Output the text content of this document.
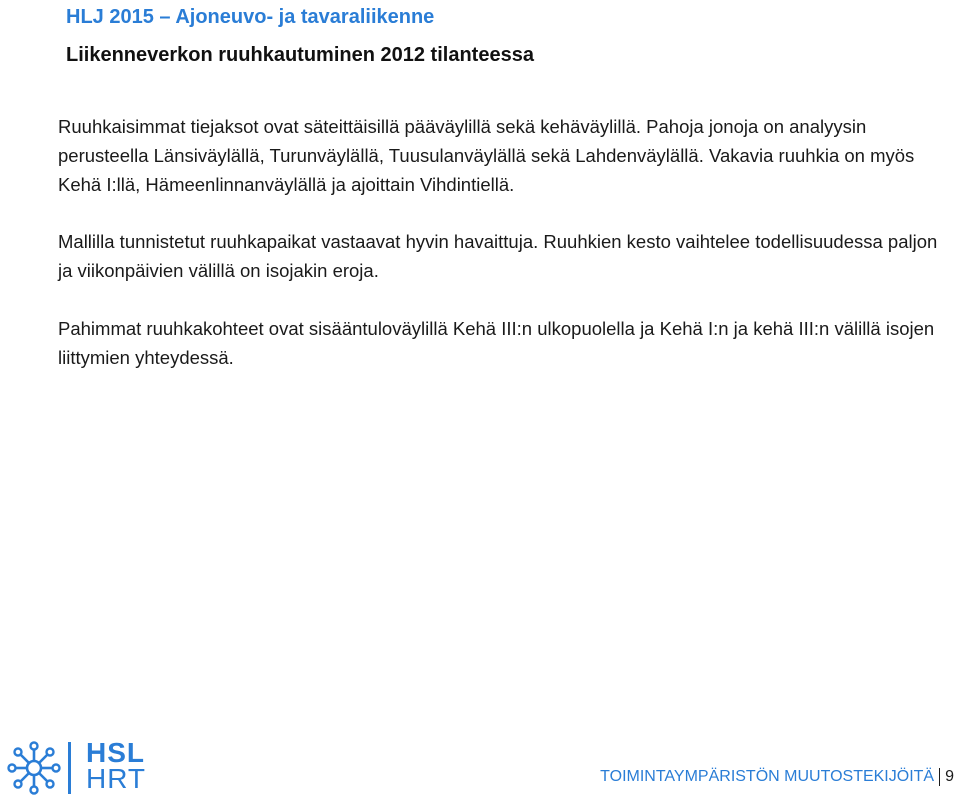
HLJ 2015 – Ajoneuvo- ja tavaraliikenne
Liikenneverkon ruuhkautuminen 2012 tilanteessa

Ruuhkaisimmat tiejaksot ovat säteittäisillä pääväylillä sekä kehäväylillä. Pahoja jonoja on analyysin perusteella Länsiväylällä, Turunväylällä, Tuusulanväylällä sekä Lahdenväylällä. Vakavia ruuhkia on myös Kehä I:llä, Hämeenlinnanväylällä ja ajoittain Vihdintiellä.

Mallilla tunnistetut ruuhkapaikat vastaavat hyvin havaittuja. Ruuhkien kesto vaihtelee todellisuudessa paljon ja viikonpäivien välillä on isojakin eroja.

Pahimmat ruuhkakohteet ovat sisääntuloväylillä Kehä III:n ulkopuolella ja Kehä I:n ja kehä III:n välillä isojen liittymien yhteydessä.

HSL
HRT	TOIMINTAYMPÄRISTÖN MUUTOSTEKIJÖITÄ 9
